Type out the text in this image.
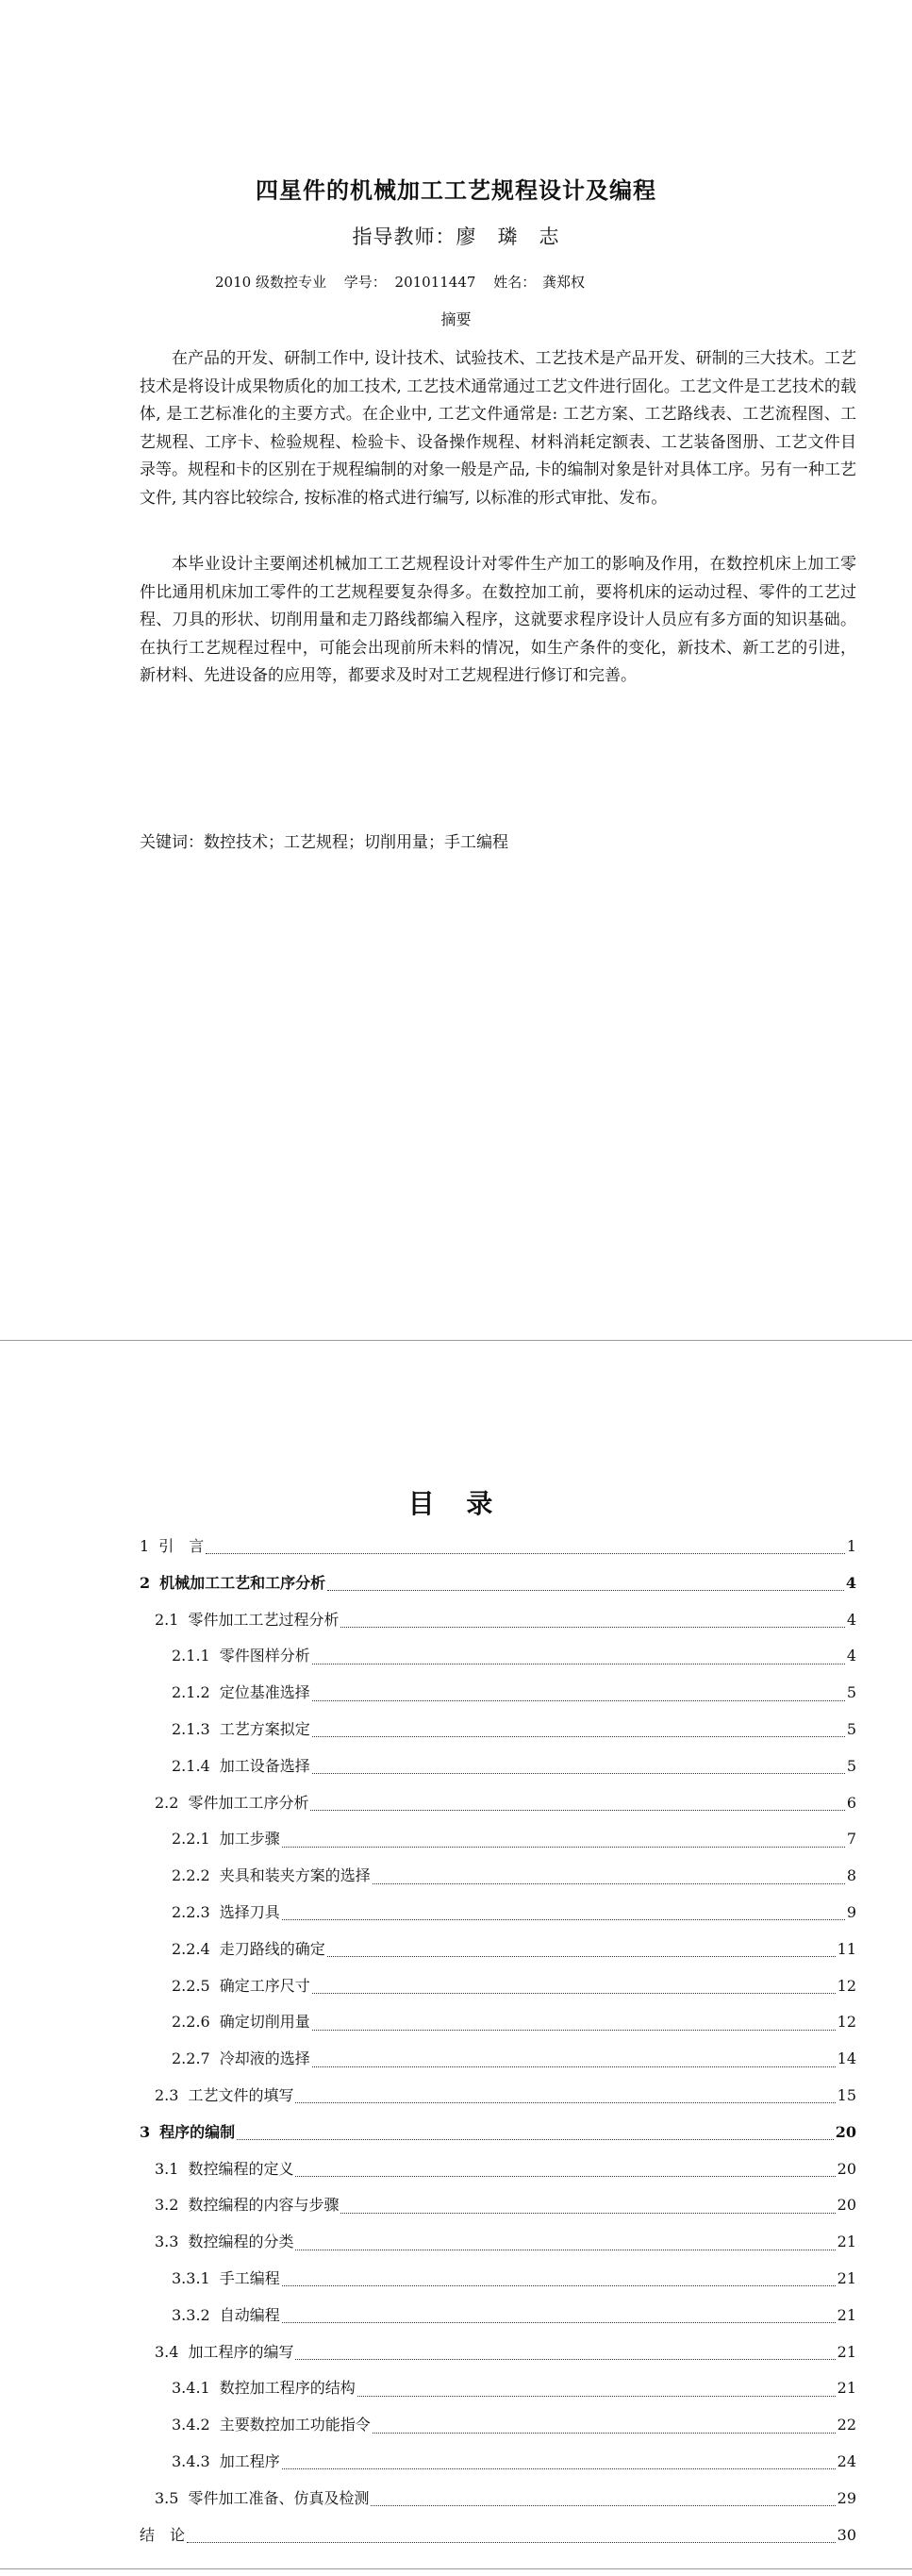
四星件的机械加工工艺规程设计及编程
指导教师：廖　璘　志
2010 级数控专业 学号： 201011447 姓名： 龚郑权
摘要

在产品的开发、研制工作中, 设计技术、试验技术、工艺技术是产品开发、研制的三大技术。工艺技术是将设计成果物质化的加工技术, 工艺技术通常通过工艺文件进行固化。工艺文件是工艺技术的载体, 是工艺标准化的主要方式。在企业中, 工艺文件通常是: 工艺方案、工艺路线表、工艺流程图、工艺规程、工序卡、检验规程、检验卡、设备操作规程、材料消耗定额表、工艺装备图册、工艺文件目录等。规程和卡的区别在于规程编制的对象一般是产品, 卡的编制对象是针对具体工序。另有一种工艺文件, 其内容比较综合, 按标准的格式进行编写, 以标准的形式审批、发布。

本毕业设计主要阐述机械加工工艺规程设计对零件生产加工的影响及作用，在数控机床上加工零件比通用机床加工零件的工艺规程要复杂得多。在数控加工前，要将机床的运动过程、零件的工艺过程、刀具的形状、切削用量和走刀路线都编入程序，这就要求程序设计人员应有多方面的知识基础。在执行工艺规程过程中，可能会出现前所未料的情况，如生产条件的变化，新技术、新工艺的引进，新材料、先进设备的应用等，都要求及时对工艺规程进行修订和完善。

关键词：数控技术；工艺规程；切削用量；手工编程
目 录
1 引　言	1
2 机械加工工艺和工序分析	4
2.1 零件加工工艺过程分析	4
2.1.1 零件图样分析	4
2.1.2 定位基准选择	5
2.1.3 工艺方案拟定	5
2.1.4 加工设备选择	5
2.2 零件加工工序分析	6
2.2.1 加工步骤	7
2.2.2 夹具和装夹方案的选择	8
2.2.3 选择刀具	9
2.2.4 走刀路线的确定	11
2.2.5 确定工序尺寸	12
2.2.6 确定切削用量	12
2.2.7 冷却液的选择	14
2.3 工艺文件的填写	15
3 程序的编制	20
3.1 数控编程的定义	20
3.2 数控编程的内容与步骤	20
3.3 数控编程的分类	21
3.3.1 手工编程	21
3.3.2 自动编程	21
3.4 加工程序的编写	21
3.4.1 数控加工程序的结构	21
3.4.2 主要数控加工功能指令	22
3.4.3 加工程序	24
3.5 零件加工准备、仿真及检测	29
结　论	30
